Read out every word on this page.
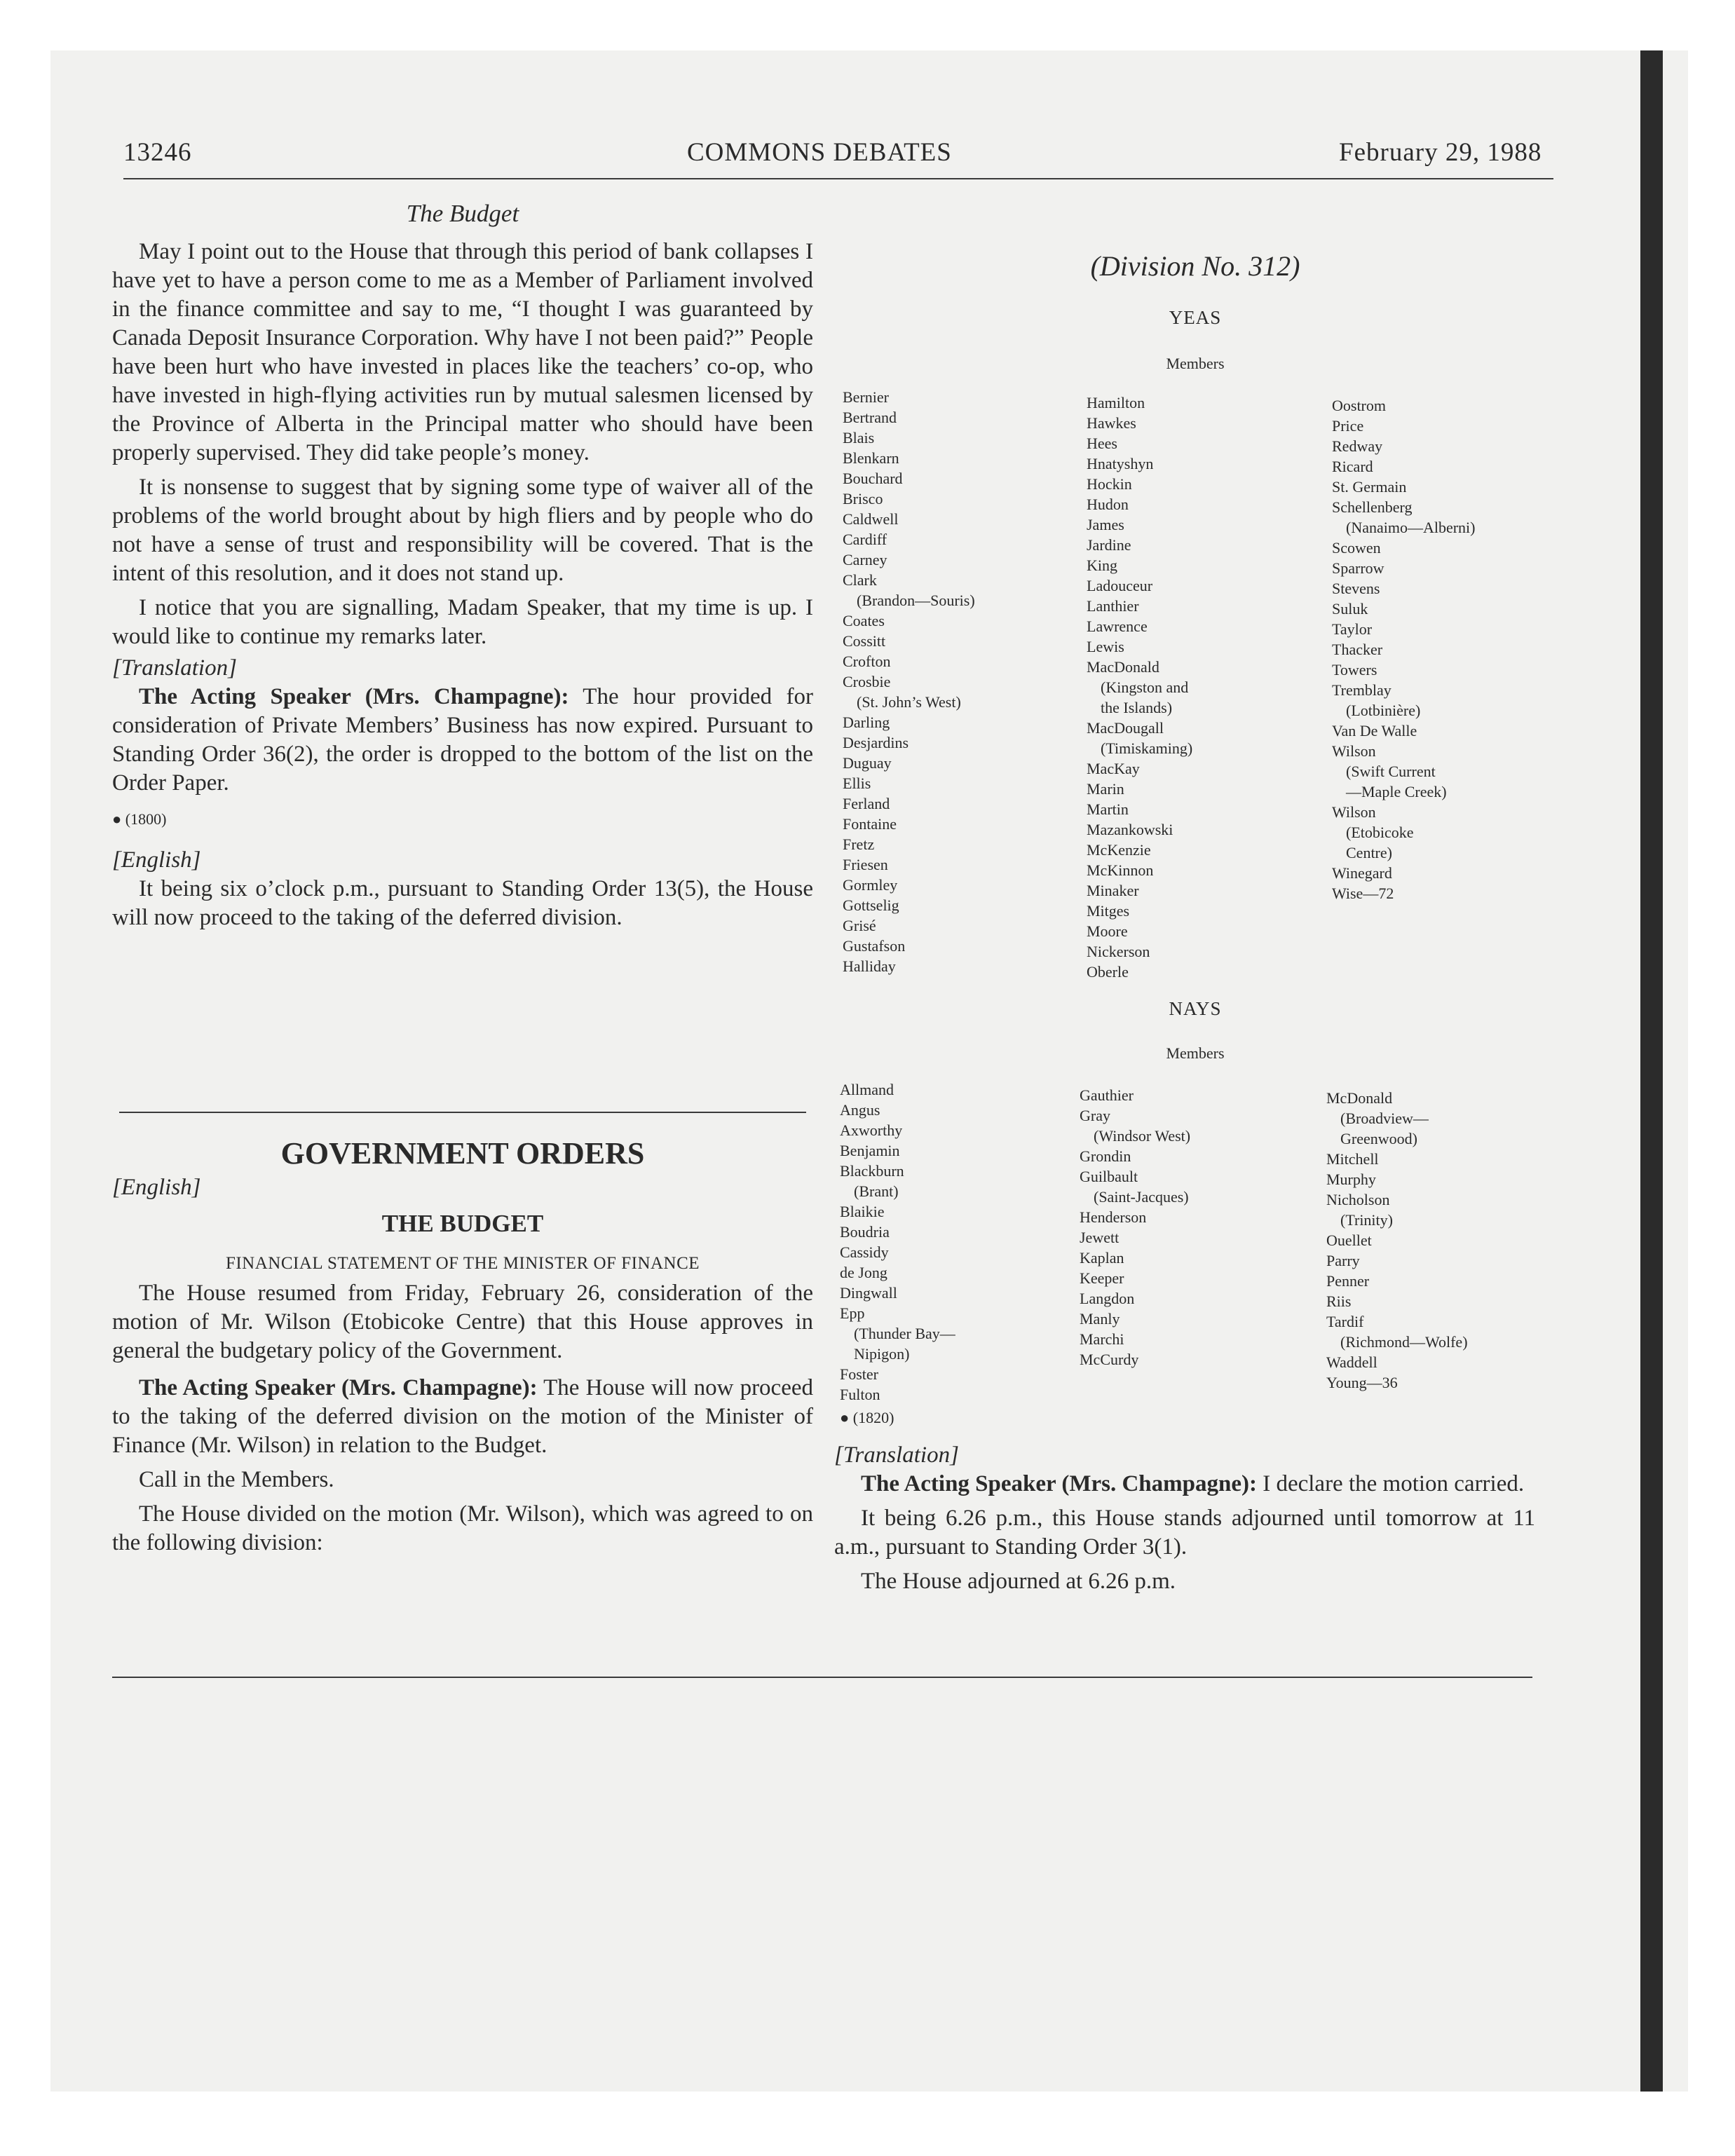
13246	COMMONS DEBATES	February 29, 1988
The Budget

May I point out to the House that through this period of bank collapses I have yet to have a person come to me as a Member of Parliament involved in the finance committee and say to me, “I thought I was guaranteed by Canada Deposit Insurance Corporation. Why have I not been paid?” People have been hurt who have invested in places like the teachers’ co-op, who have invested in high-flying activities run by mutual salesmen licensed by the Province of Alberta in the Principal matter who should have been properly supervised. They did take people’s money.

It is nonsense to suggest that by signing some type of waiver all of the problems of the world brought about by high fliers and by people who do not have a sense of trust and responsibility will be covered. That is the intent of this resolution, and it does not stand up.

I notice that you are signalling, Madam Speaker, that my time is up. I would like to continue my remarks later.

[Translation]

The Acting Speaker (Mrs. Champagne): The hour provided for consideration of Private Members’ Business has now expired. Pursuant to Standing Order 36(2), the order is dropped to the bottom of the list on the Order Paper.

● (1800)
[English]

It being six o’clock p.m., pursuant to Standing Order 13(5), the House will now proceed to the taking of the deferred division.

GOVERNMENT ORDERS
[English]
THE BUDGET
FINANCIAL STATEMENT OF THE MINISTER OF FINANCE

The House resumed from Friday, February 26, consideration of the motion of Mr. Wilson (Etobicoke Centre) that this House approves in general the budgetary policy of the Government.

The Acting Speaker (Mrs. Champagne): The House will now proceed to the taking of the deferred division on the motion of the Minister of Finance (Mr. Wilson) in relation to the Budget.

Call in the Members.

The House divided on the motion (Mr. Wilson), which was agreed to on the following division:

(Division No. 312)
YEAS
Members
Bernier
Bertrand
Blais
Blenkarn
Bouchard
Brisco
Caldwell
Cardiff
Carney
Clark
(Brandon—Souris)
Coates
Cossitt
Crofton
Crosbie
(St. John’s West)
Darling
Desjardins
Duguay
Ellis
Ferland
Fontaine
Fretz
Friesen
Gormley
Gottselig
Grisé
Gustafson
Halliday
Hamilton
Hawkes
Hees
Hnatyshyn
Hockin
Hudon
James
Jardine
King
Ladouceur
Lanthier
Lawrence
Lewis
MacDonald
(Kingston and
the Islands)
MacDougall
(Timiskaming)
MacKay
Marin
Martin
Mazankowski
McKenzie
McKinnon
Minaker
Mitges
Moore
Nickerson
Oberle
Oostrom
Price
Redway
Ricard
St. Germain
Schellenberg
(Nanaimo—Alberni)
Scowen
Sparrow
Stevens
Suluk
Taylor
Thacker
Towers
Tremblay
(Lotbinière)
Van De Walle
Wilson
(Swift Current
—Maple Creek)
Wilson
(Etobicoke
Centre)
Winegard
Wise—72
NAYS
Members
Allmand
Angus
Axworthy
Benjamin
Blackburn
(Brant)
Blaikie
Boudria
Cassidy
de Jong
Dingwall
Epp
(Thunder Bay—
Nipigon)
Foster
Fulton
Gauthier
Gray
(Windsor West)
Grondin
Guilbault
(Saint-Jacques)
Henderson
Jewett
Kaplan
Keeper
Langdon
Manly
Marchi
McCurdy
McDonald
(Broadview—
Greenwood)
Mitchell
Murphy
Nicholson
(Trinity)
Ouellet
Parry
Penner
Riis
Tardif
(Richmond—Wolfe)
Waddell
Young—36
● (1820)
[Translation]

The Acting Speaker (Mrs. Champagne): I declare the motion carried.

It being 6.26 p.m., this House stands adjourned until tomorrow at 11 a.m., pursuant to Standing Order 3(1).

The House adjourned at 6.26 p.m.
